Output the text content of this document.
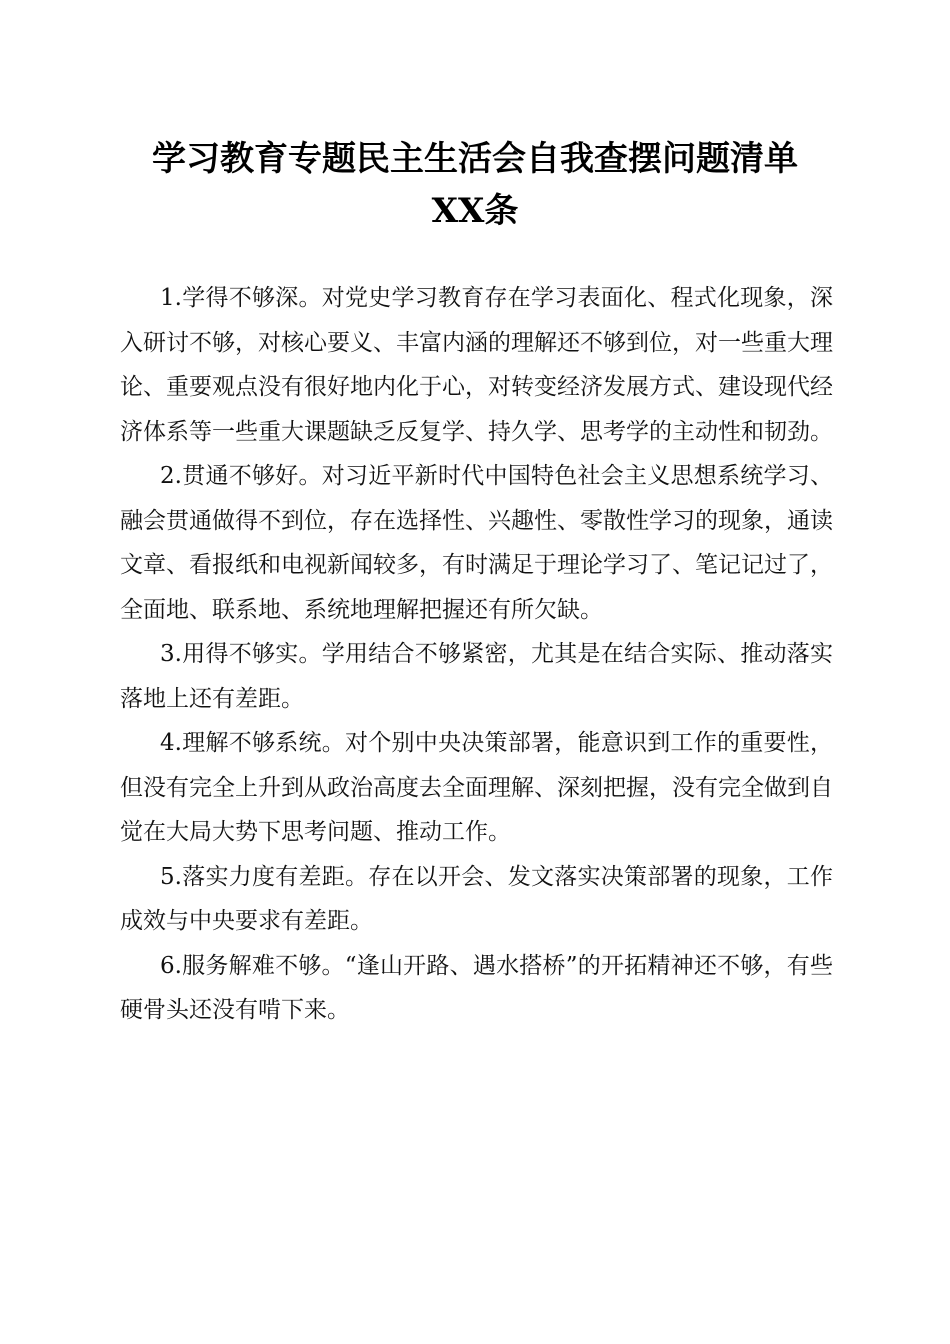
学习教育专题民主生活会自我查摆问题清单
XX条

1.学得不够深。对党史学习教育存在学习表面化、程式化现象，深入研讨不够，对核心要义、丰富内涵的理解还不够到位，对一些重大理论、重要观点没有很好地内化于心，对转变经济发展方式、建设现代经济体系等一些重大课题缺乏反复学、持久学、思考学的主动性和韧劲。

2.贯通不够好。对习近平新时代中国特色社会主义思想系统学习、融会贯通做得不到位，存在选择性、兴趣性、零散性学习的现象，通读文章、看报纸和电视新闻较多，有时满足于理论学习了、笔记记过了，全面地、联系地、系统地理解把握还有所欠缺。

3.用得不够实。学用结合不够紧密，尤其是在结合实际、推动落实落地上还有差距。

4.理解不够系统。对个别中央决策部署，能意识到工作的重要性，但没有完全上升到从政治高度去全面理解、深刻把握，没有完全做到自觉在大局大势下思考问题、推动工作。

5.落实力度有差距。存在以开会、发文落实决策部署的现象，工作成效与中央要求有差距。

6.服务解难不够。“逢山开路、遇水搭桥”的开拓精神还不够，有些硬骨头还没有啃下来。
